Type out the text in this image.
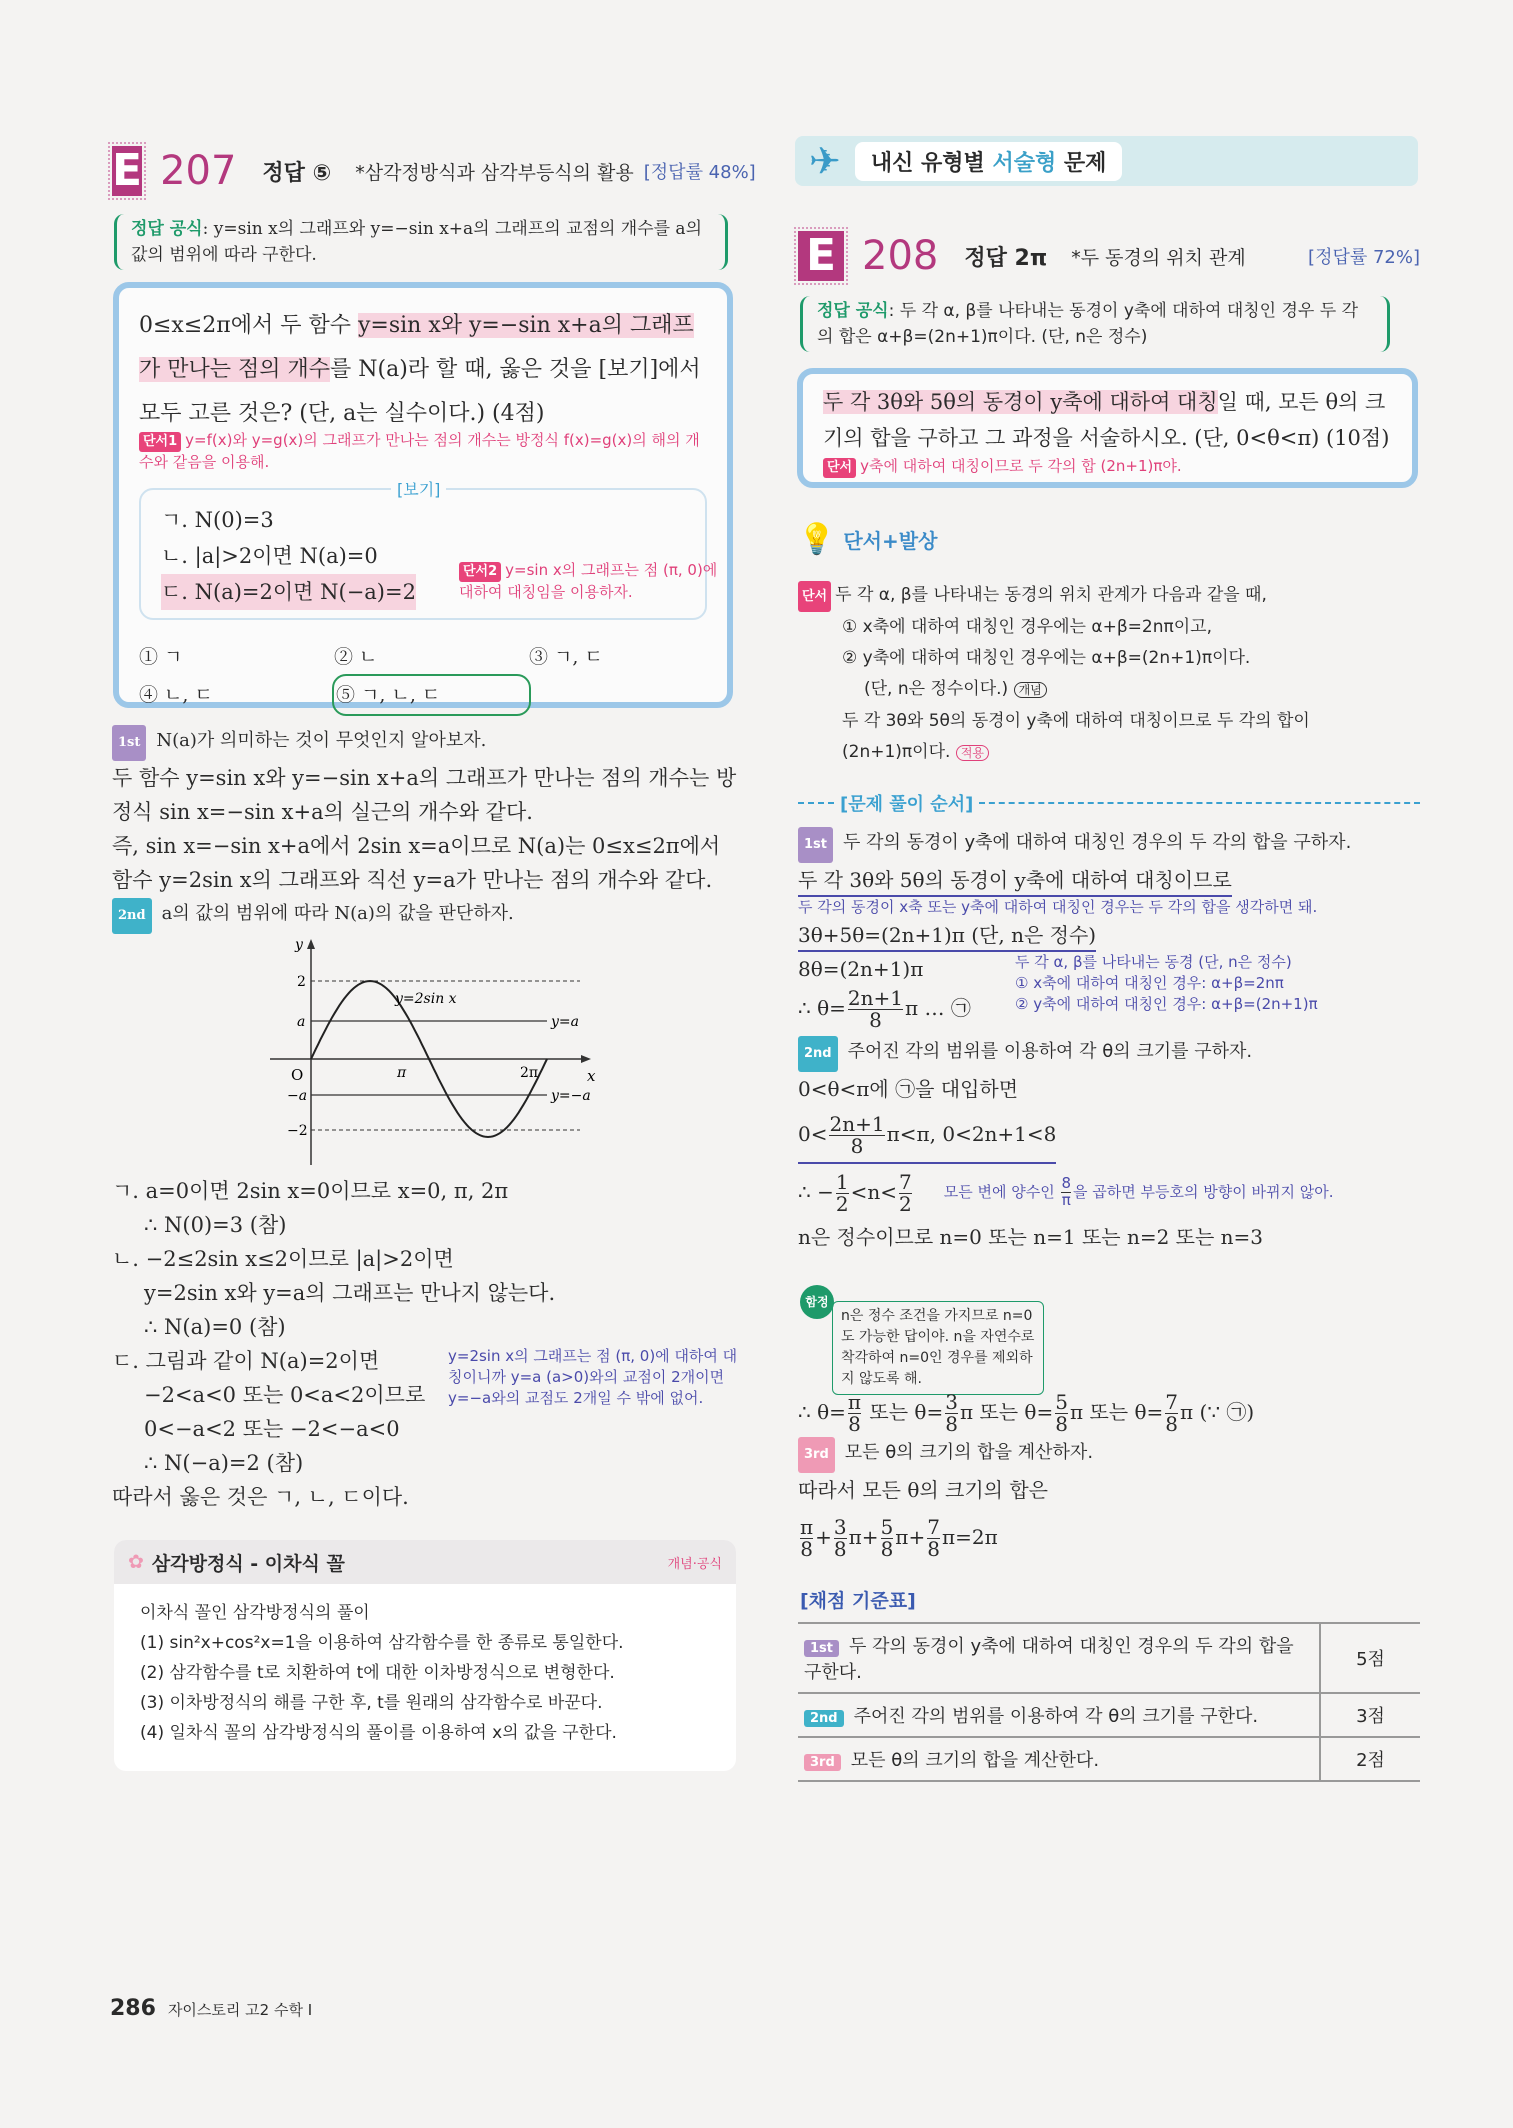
E 207 정답 ⑤ *삼각정방식과 삼각부등식의 활용 [정답률 48%]
정답 공식: y=sin x의 그래프와 y=−sin x+a의 그래프의 교점의 개수를 a의 값의 범위에 따라 구한다.
0≤x≤2π에서 두 함수 y=sin x와 y=−sin x+a의 그래프가 만나는 점의 개수를 N(a)라 할 때, 옳은 것을 [보기]에서 모두 고른 것은? (단, a는 실수이다.) (4점)
단서1 y=f(x)와 y=g(x)의 그래프가 만나는 점의 개수는 방정식 f(x)=g(x)의 해의 개수와 같음을 이용해.
[보기]
ㄱ. N(0)=3
ㄴ. |a|>2이면 N(a)=0
ㄷ. N(a)=2이면 N(−a)=2
단서2 y=sin x의 그래프는 점 (π, 0)에 대하여 대칭임을 이용하자.
① ㄱ	② ㄴ	③ ㄱ, ㄷ
④ ㄴ, ㄷ	⑤ ㄱ, ㄴ, ㄷ
1st N(a)가 의미하는 것이 무엇인지 알아보자.
두 함수 y=sin x와 y=−sin x+a의 그래프가 만나는 점의 개수는 방정식 sin x=−sin x+a의 실근의 개수와 같다.
즉, sin x=−sin x+a에서 2sin x=a이므로 N(a)는 0≤x≤2π에서 함수 y=2sin x의 그래프와 직선 y=a가 만나는 점의 개수와 같다.
2nd a의 값의 범위에 따라 N(a)의 값을 판단하자.
y
x
O
y=2sin x
y=a
y=−a
2
a
−a
−2
π	2π
ㄱ. a=0이면 2sin x=0이므로 x=0, π, 2π
∴ N(0)=3 (참)
ㄴ. −2≤2sin x≤2이므로 |a|>2이면
y=2sin x와 y=a의 그래프는 만나지 않는다.
∴ N(a)=0 (참)
ㄷ. 그림과 같이 N(a)=2이면
−2<a<0 또는 0<a<2이므로
0<−a<2 또는 −2<−a<0
∴ N(−a)=2 (참)
따라서 옳은 것은 ㄱ, ㄴ, ㄷ이다.
y=2sin x의 그래프는 점 (π, 0)에 대하여 대칭이니까 y=a (a>0)와의 교점이 2개이면 y=−a와의 교점도 2개일 수 밖에 없어.
✿ 삼각방정식 - 이차식 꼴	개념·공식
이차식 꼴인 삼각방정식의 풀이
(1) sin²x+cos²x=1을 이용하여 삼각함수를 한 종류로 통일한다.
(2) 삼각함수를 t로 치환하여 t에 대한 이차방정식으로 변형한다.
(3) 이차방정식의 해를 구한 후, t를 원래의 삼각함수로 바꾼다.
(4) 일차식 꼴의 삼각방정식의 풀이를 이용하여 x의 값을 구한다.
286 자이스토리 고2 수학 I
✈	내신 유형별 서술형 문제
E 208 정답 2π *두 동경의 위치 관계	[정답률 72%]
정답 공식: 두 각 α, β를 나타내는 동경이 y축에 대하여 대칭인 경우 두 각의 합은 α+β=(2n+1)π이다. (단, n은 정수)
두 각 3θ와 5θ의 동경이 y축에 대하여 대칭일 때, 모든 θ의 크기의 합을 구하고 그 과정을 서술하시오. (단, 0<θ<π) (10점)
단서 y축에 대하여 대칭이므로 두 각의 합 (2n+1)π야.
💡 단서+발상
단서 두 각 α, β를 나타내는 동경의 위치 관계가 다음과 같을 때,
① x축에 대하여 대칭인 경우에는 α+β=2nπ이고,
② y축에 대하여 대칭인 경우에는 α+β=(2n+1)π이다.
(단, n은 정수이다.) 개념
두 각 3θ와 5θ의 동경이 y축에 대하여 대칭이므로 두 각의 합이
(2n+1)π이다. 적용
[문제 풀이 순서]
1st 두 각의 동경이 y축에 대하여 대칭인 경우의 두 각의 합을 구하자.
두 각 3θ와 5θ의 동경이 y축에 대하여 대칭이므로
두 각의 동경이 x축 또는 y축에 대하여 대칭인 경우는 두 각의 합을 생각하면 돼.
3θ+5θ=(2n+1)π (단, n은 정수)
8θ=(2n+1)π
∴ $\theta= \frac{2n+1}{8}$ π … ㉠
2nd 주어진 각의 범위를 이용하여 각 θ의 크기를 구하자.
0<θ<π에 ㉠을 대입하면
$0< \frac{2n+1}{8} \pi<\pi$, 0<2n+1<8
∴ − $\frac{1}{2} <n< \frac{7}{2}$ 모든 변에 양수인 $\frac{8}{\pi}$ 을 곱하면 부등호의 방향이 바뀌지 않아.
n은 정수이므로 n=0 또는 n=1 또는 n=2 또는 n=3
두 각 α, β를 나타내는 동경 (단, n은 정수)
① x축에 대하여 대칭인 경우: α+β=2nπ
② y축에 대하여 대칭인 경우: α+β=(2n+1)π
함정
n은 정수 조건을 가지므로 n=0도 가능한 답이야. n을 자연수로 착각하여 n=0인 경우를 제외하지 않도록 해.
∴ $\theta= \frac{\pi}{8}$ 또는 $\theta= \frac{3}{8}$ π 또는 $\theta= \frac{5}{8}$ π 또는 $\theta= \frac{7}{8}$ π (∵ ㉠)
3rd 모든 θ의 크기의 합을 계산하자.
따라서 모든 θ의 크기의 합은
$\frac{\pi}{8} + \frac{3}{8} \pi+ \frac{5}{8} \pi+ \frac{7}{8} \pi=2\pi$
[채점 기준표]
1st 두 각의 동경이 y축에 대하여 대칭인 경우의 두 각의 합을 구한다.	5점
2nd 주어진 각의 범위를 이용하여 각 θ의 크기를 구한다.	3점
3rd 모든 θ의 크기의 합을 계산한다.	2점
